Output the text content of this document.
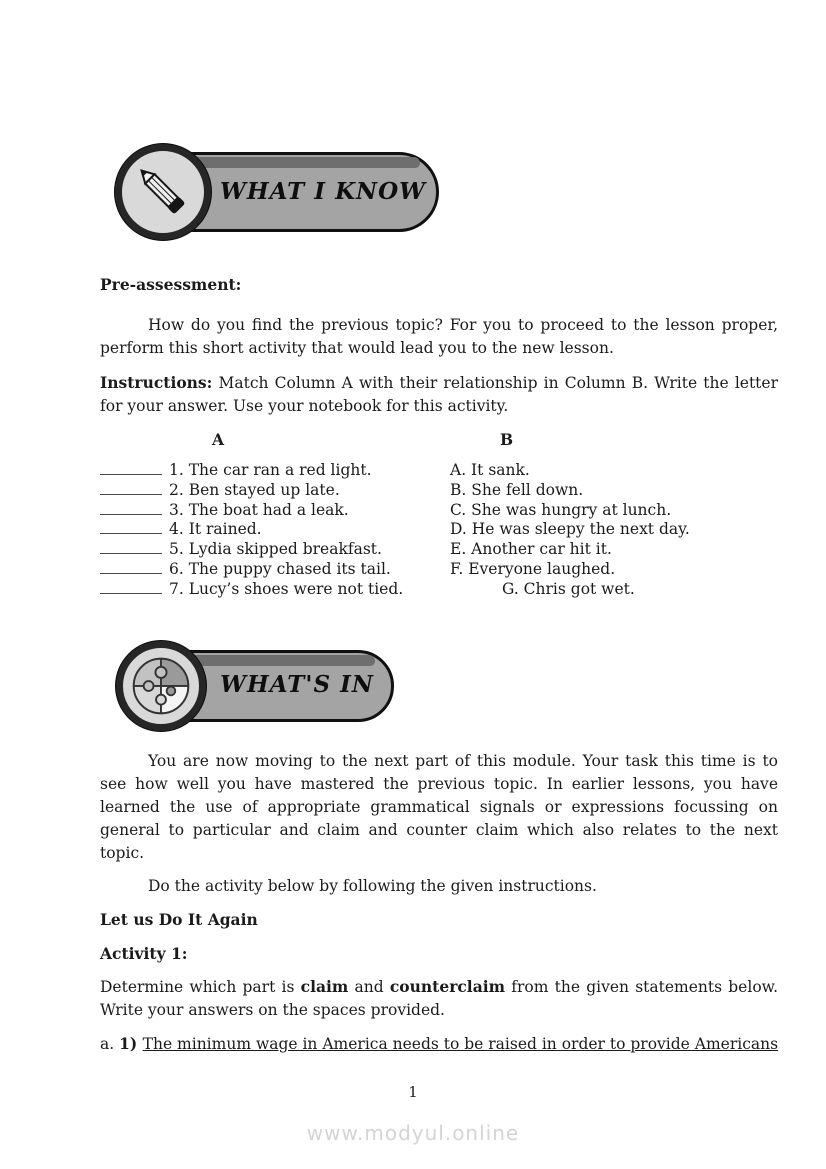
WHAT I KNOW
Pre-assessment:
How do you find the previous topic? For you to proceed to the lesson proper, perform this short activity that would lead you to the new lesson.
Instructions: Match Column A with their relationship in Column B. Write the letter for your answer. Use your notebook for this activity.
A	B
1. The car ran a red light.
2. Ben stayed up late.
3. The boat had a leak.
4. It rained.
5. Lydia skipped breakfast.
6. The puppy chased its tail.
7. Lucy’s shoes were not tied.
A. It sank.
B. She fell down.
C. She was hungry at lunch.
D. He was sleepy the next day.
E. Another car hit it.
F. Everyone laughed.
G. Chris got wet.
WHAT'S IN
You are now moving to the next part of this module. Your task this time is to see how well you have mastered the previous topic. In earlier lessons, you have learned the use of appropriate grammatical signals or expressions focussing on general to particular and claim and counter claim which also relates to the next topic.
Do the activity below by following the given instructions.
Let us Do It Again
Activity 1:
Determine which part is claim and counterclaim from the given statements below. Write your answers on the spaces provided.
a. 1) The minimum wage in America needs to be raised in order to provide Americans
1
www.modyul.online
